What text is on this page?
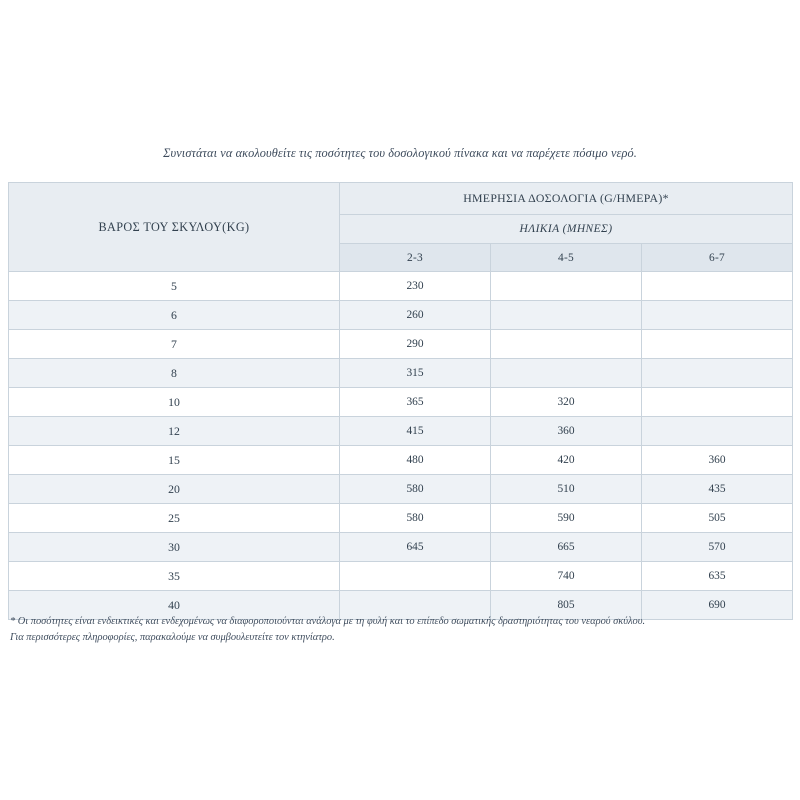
Συνιστάται να ακολουθείτε τις ποσότητες του δοσολογικού πίνακα και να παρέχετε πόσιμο νερό.
ΒΑΡΟΣ ΤΟΥ ΣΚΥΛΟΥ(KG)	ΗΜΕΡΗΣΙΑ ΔΟΣΟΛΟΓΙΑ (G/ΗΜΕΡΑ)*		
	ΗΛΙΚΙΑ (ΜΗΝΕΣ)		
	2-3	4-5	6-7
5	230		
6	260		
7	290		
8	315		
10	365	320	
12	415	360	
15	480	420	360
20	580	510	435
25	580	590	505
30	645	665	570
35		740	635
40		805	690
* Οι ποσότητες είναι ενδεικτικές και ενδεχομένως να διαφοροποιούνται ανάλογα με τη φυλή και το επίπεδο σωματικής δραστηριότητας του νεαρού σκύλου.
Για περισσότερες πληροφορίες, παρακαλούμε να συμβουλευτείτε τον κτηνίατρο.
